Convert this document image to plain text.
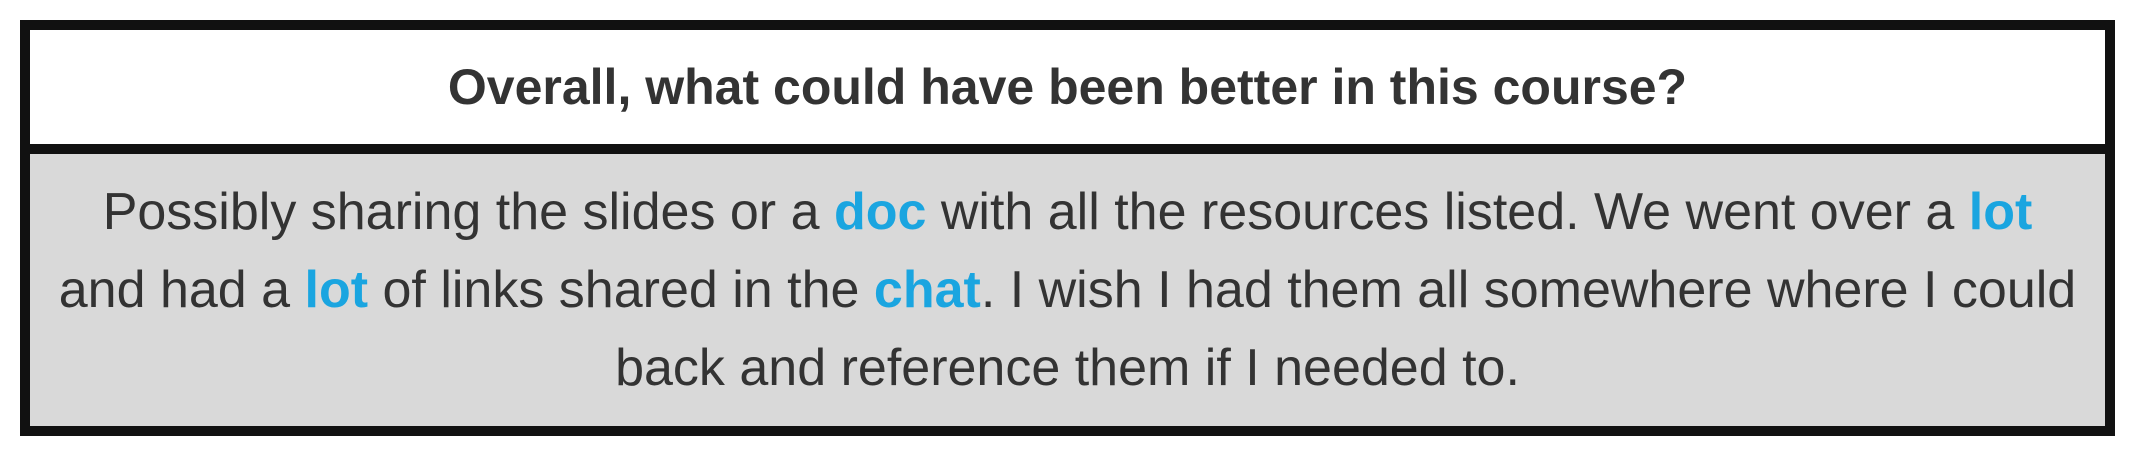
Overall, what could have been better in this course?

Possibly sharing the slides or a doc with all the resources listed. We went over a lot and had a lot of links shared in the chat. I wish I had them all somewhere where I could back and reference them if I needed to.
